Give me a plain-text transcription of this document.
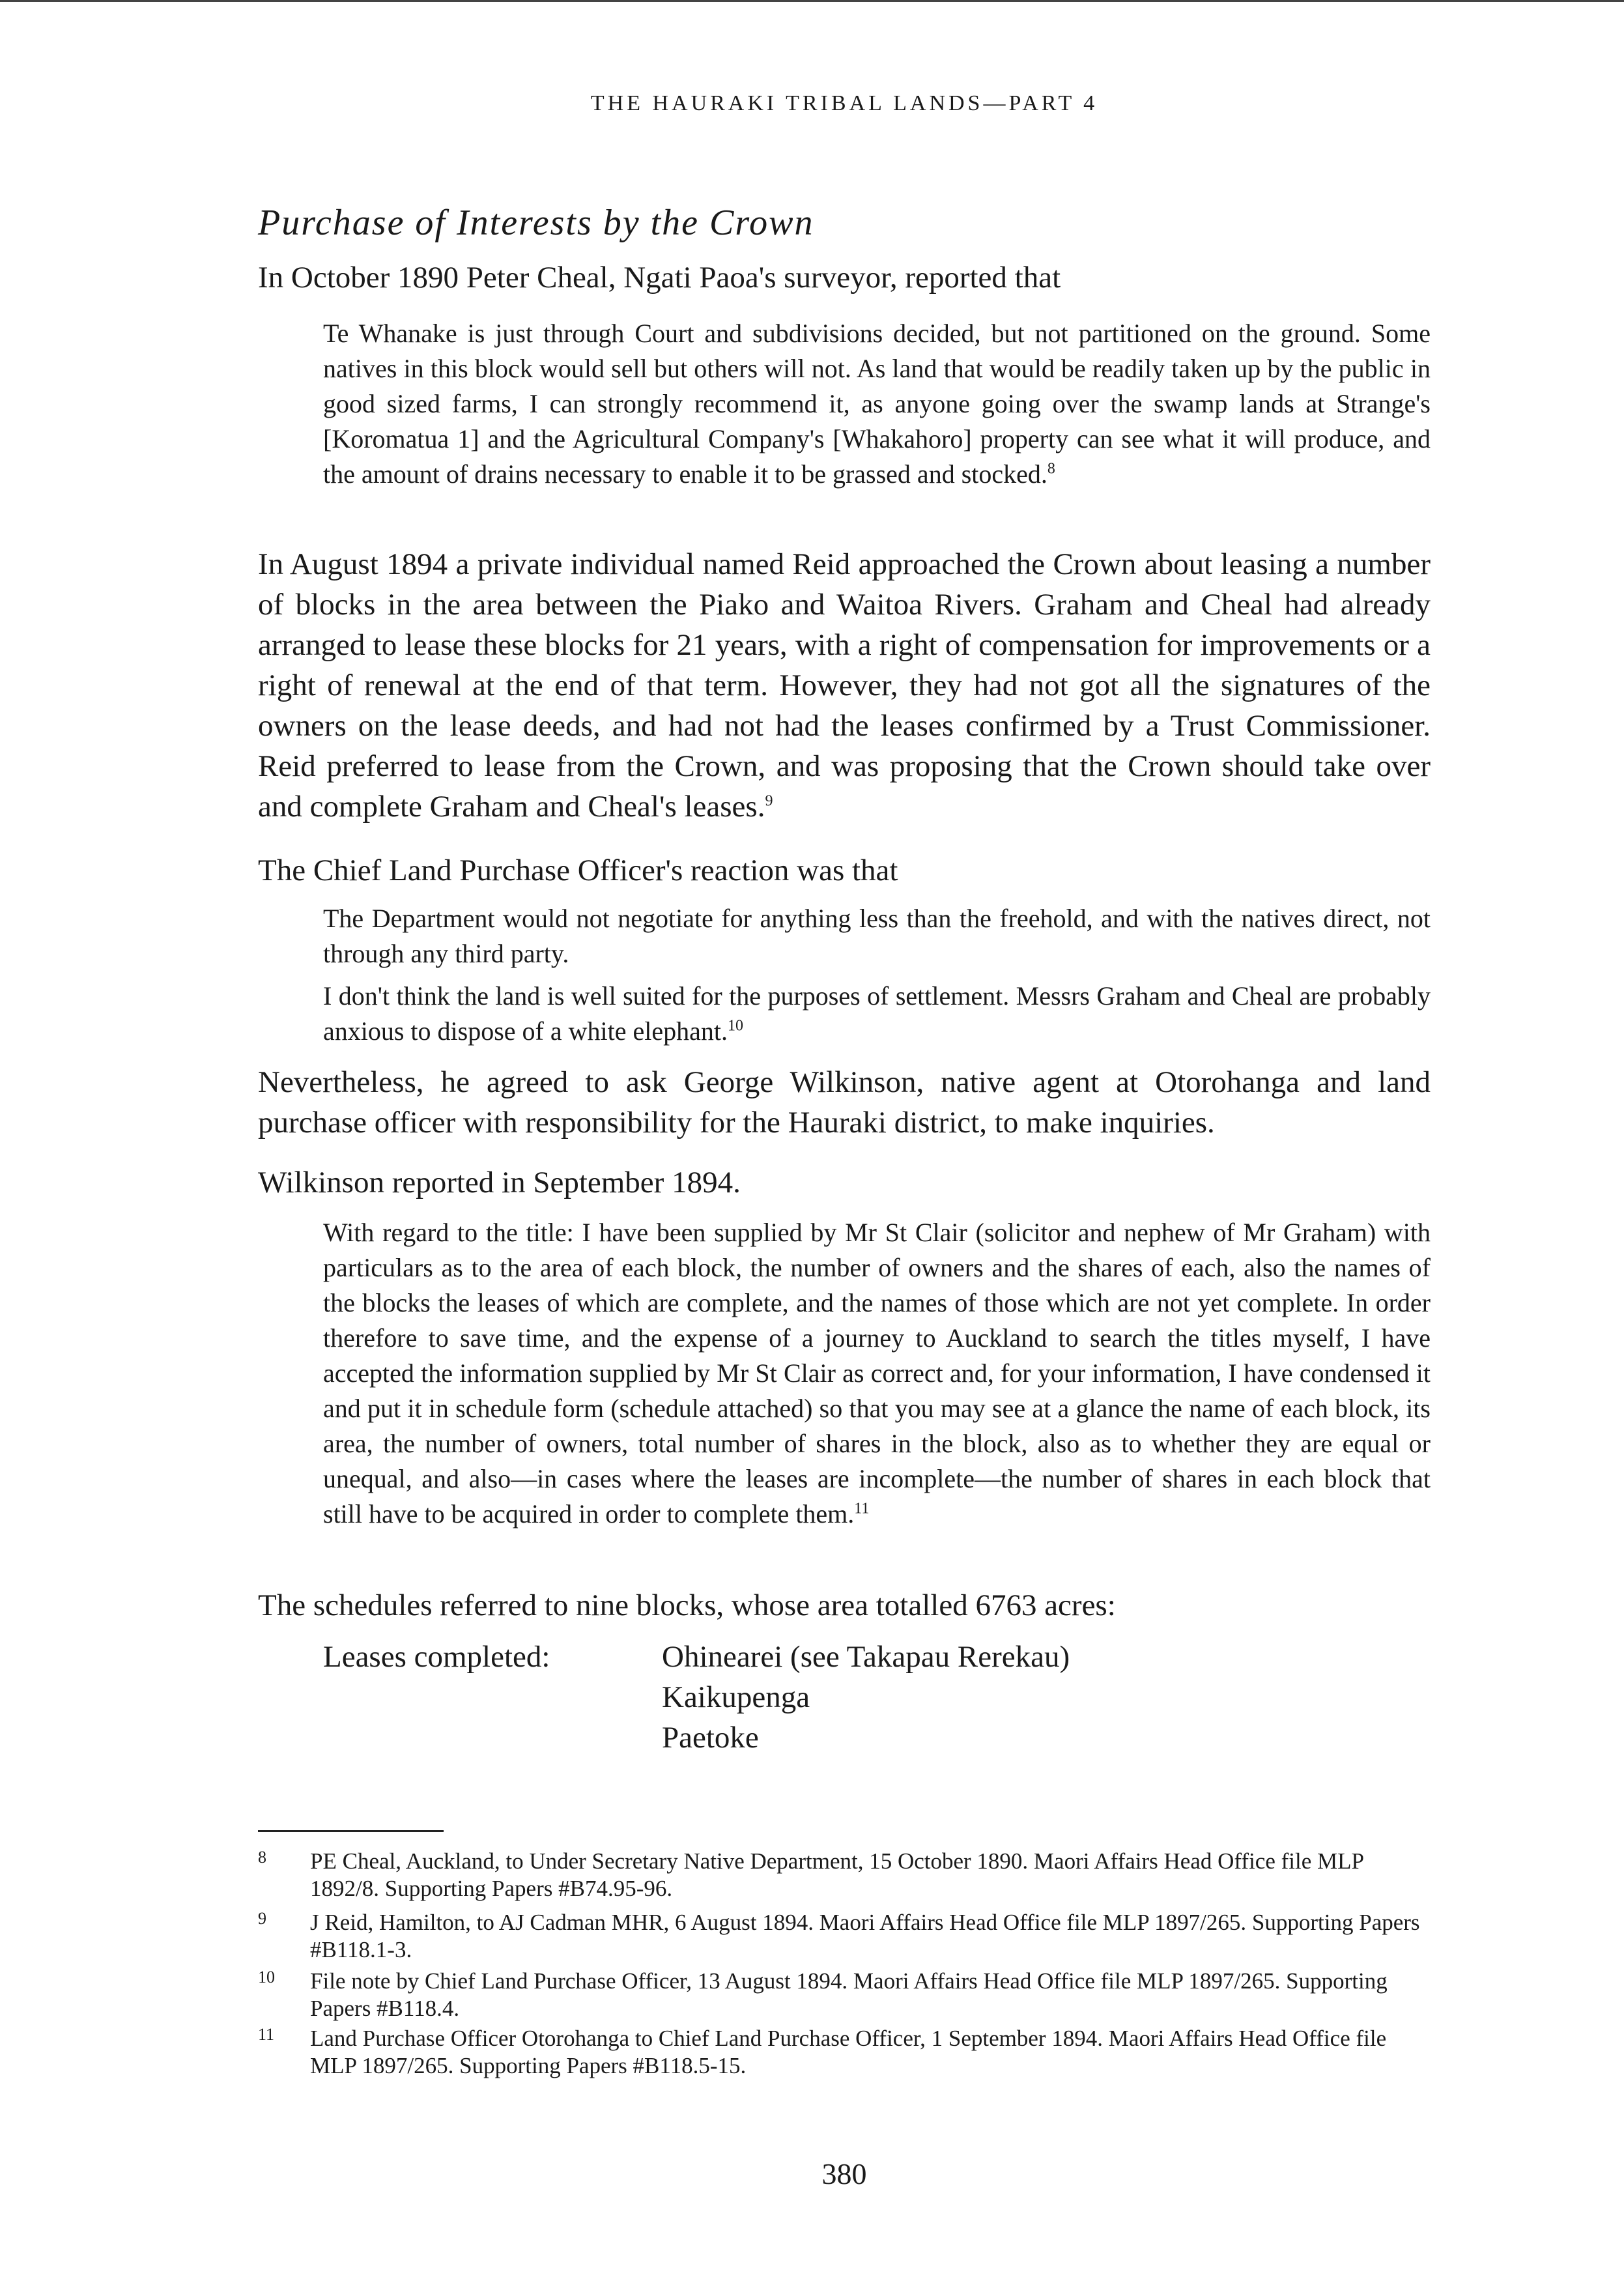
THE HAURAKI TRIBAL LANDS—PART 4
Purchase of Interests by the Crown

In October 1890 Peter Cheal, Ngati Paoa's surveyor, reported that

Te Whanake is just through Court and subdivisions decided, but not partitioned on the ground. Some natives in this block would sell but others will not. As land that would be readily taken up by the public in good sized farms, I can strongly recommend it, as anyone going over the swamp lands at Strange's [Koromatua 1] and the Agricultural Company's [Whakahoro] property can see what it will produce, and the amount of drains necessary to enable it to be grassed and stocked.$^8$

In August 1894 a private individual named Reid approached the Crown about leasing a number of blocks in the area between the Piako and Waitoa Rivers. Graham and Cheal had already arranged to lease these blocks for 21 years, with a right of compensation for improvements or a right of renewal at the end of that term. However, they had not got all the signatures of the owners on the lease deeds, and had not had the leases confirmed by a Trust Commissioner. Reid preferred to lease from the Crown, and was proposing that the Crown should take over and complete Graham and Cheal's leases.$^9$

The Chief Land Purchase Officer's reaction was that

The Department would not negotiate for anything less than the freehold, and with the natives direct, not through any third party.

I don't think the land is well suited for the purposes of settlement. Messrs Graham and Cheal are probably anxious to dispose of a white elephant.$^{10}$

Nevertheless, he agreed to ask George Wilkinson, native agent at Otorohanga and land purchase officer with responsibility for the Hauraki district, to make inquiries.

Wilkinson reported in September 1894.

With regard to the title: I have been supplied by Mr St Clair (solicitor and nephew of Mr Graham) with particulars as to the area of each block, the number of owners and the shares of each, also the names of the blocks the leases of which are complete, and the names of those which are not yet complete. In order therefore to save time, and the expense of a journey to Auckland to search the titles myself, I have accepted the information supplied by Mr St Clair as correct and, for your information, I have condensed it and put it in schedule form (schedule attached) so that you may see at a glance the name of each block, its area, the number of owners, total number of shares in the block, also as to whether they are equal or unequal, and also—in cases where the leases are incomplete—the number of shares in each block that still have to be acquired in order to complete them.$^{11}$

The schedules referred to nine blocks, whose area totalled 6763 acres:

Leases completed:	Ohinearei (see Takapau Rerekau)
Kaikupenga
Paetoke
8 PE Cheal, Auckland, to Under Secretary Native Department, 15 October 1890. Maori Affairs Head Office file MLP 1892/8. Supporting Papers #B74.95-96.
9 J Reid, Hamilton, to AJ Cadman MHR, 6 August 1894. Maori Affairs Head Office file MLP 1897/265. Supporting Papers #B118.1-3.
10 File note by Chief Land Purchase Officer, 13 August 1894. Maori Affairs Head Office file MLP 1897/265. Supporting Papers #B118.4.
11 Land Purchase Officer Otorohanga to Chief Land Purchase Officer, 1 September 1894. Maori Affairs Head Office file MLP 1897/265. Supporting Papers #B118.5-15.
380
